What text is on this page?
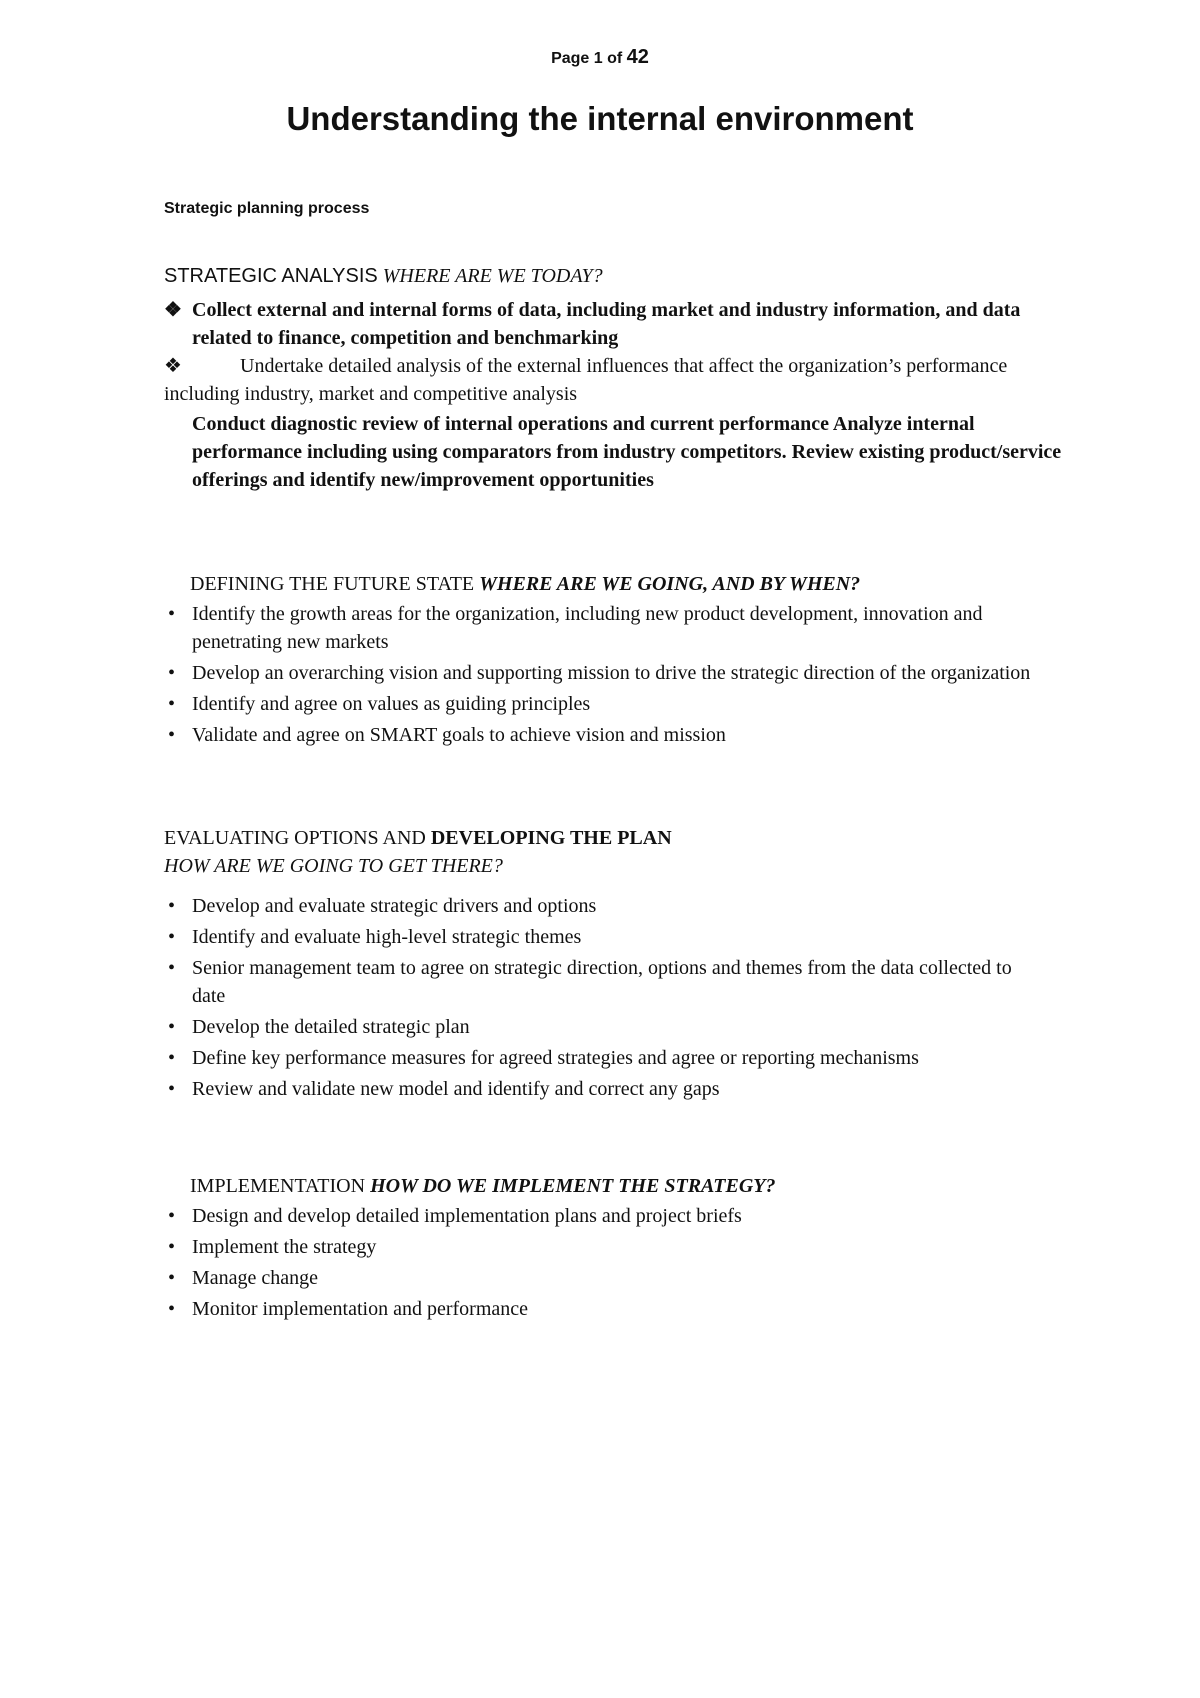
Page 1 of 42
Understanding the internal environment
Strategic planning process
STRATEGIC ANALYSIS WHERE ARE WE TODAY?
❖ Collect external and internal forms of data, including market and industry information, and data related to finance, competition and benchmarking
❖	Undertake detailed analysis of the external influences that affect the organization’s performance including industry, market and competitive analysis
Conduct diagnostic review of internal operations and current performance Analyze internal performance including using comparators from industry competitors. Review existing product/service offerings and identify new/improvement opportunities
DEFINING THE FUTURE STATE WHERE ARE WE GOING, AND BY WHEN?
• Identify the growth areas for the organization, including new product development, innovation and penetrating new markets
• Develop an overarching vision and supporting mission to drive the strategic direction of the organization
• Identify and agree on values as guiding principles
• Validate and agree on SMART goals to achieve vision and mission
EVALUATING OPTIONS AND DEVELOPING THE PLAN
HOW ARE WE GOING TO GET THERE?
• Develop and evaluate strategic drivers and options
• Identify and evaluate high-level strategic themes
• Senior management team to agree on strategic direction, options and themes from the data collected to date
• Develop the detailed strategic plan
• Define key performance measures for agreed strategies and agree or reporting mechanisms
• Review and validate new model and identify and correct any gaps
IMPLEMENTATION HOW DO WE IMPLEMENT THE STRATEGY?
• Design and develop detailed implementation plans and project briefs
• Implement the strategy
• Manage change
• Monitor implementation and performance
